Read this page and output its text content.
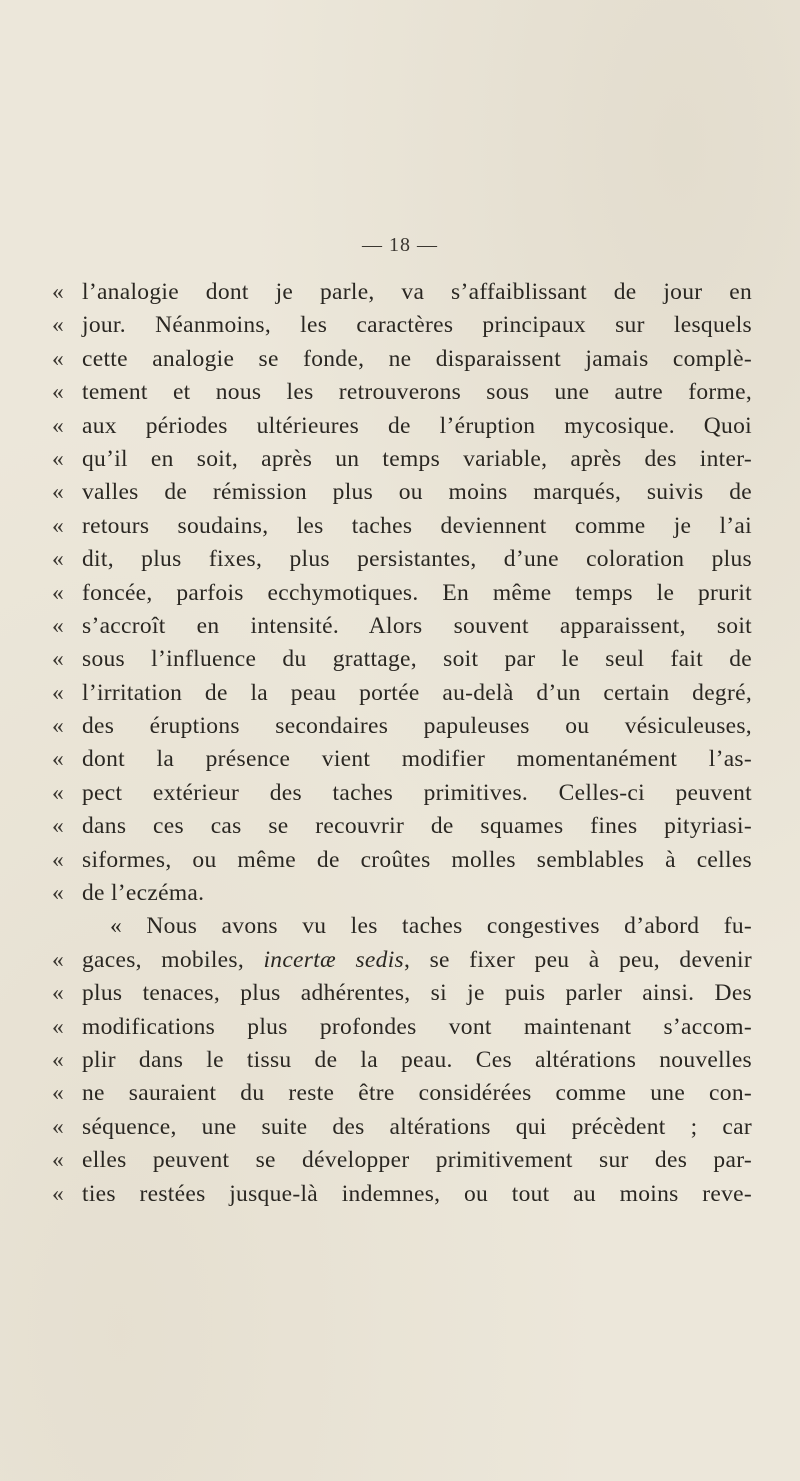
— 18 —
« l’analogie dont je parle, va s’affaiblissant de jour en
« jour. Néanmoins, les caractères principaux sur lesquels
« cette analogie se fonde, ne disparaissent jamais complè-
« tement et nous les retrouverons sous une autre forme,
« aux périodes ultérieures de l’éruption mycosique. Quoi
« qu’il en soit, après un temps variable, après des inter-
« valles de rémission plus ou moins marqués, suivis de
« retours soudains, les taches deviennent comme je l’ai
« dit, plus fixes, plus persistantes, d’une coloration plus
« foncée, parfois ecchymotiques. En même temps le prurit
« s’accroît en intensité. Alors souvent apparaissent, soit
« sous l’influence du grattage, soit par le seul fait de
« l’irritation de la peau portée au-delà d’un certain degré,
« des éruptions secondaires papuleuses ou vésiculeuses,
« dont la présence vient modifier momentanément l’as-
« pect extérieur des taches primitives. Celles-ci peuvent
« dans ces cas se recouvrir de squames fines pityriasi-
« siformes, ou même de croûtes molles semblables à celles
« de l’eczéma.
« Nous avons vu les taches congestives d’abord fu-
« gaces, mobiles, incertæ sedis, se fixer peu à peu, devenir
« plus tenaces, plus adhérentes, si je puis parler ainsi. Des
« modifications plus profondes vont maintenant s’accom-
« plir dans le tissu de la peau. Ces altérations nouvelles
« ne sauraient du reste être considérées comme une con-
« séquence, une suite des altérations qui précèdent ; car
« elles peuvent se développer primitivement sur des par-
« ties restées jusque-là indemnes, ou tout au moins reve-
